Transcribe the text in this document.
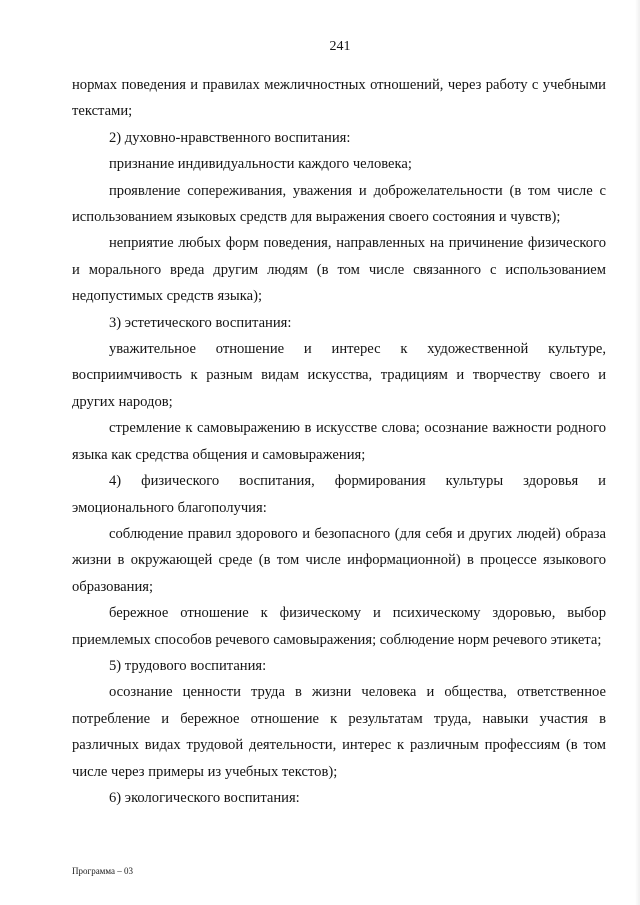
241

нормах поведения и правилах межличностных отношений, через работу с учебными текстами;

2) духовно-нравственного воспитания:

признание индивидуальности каждого человека;

проявление сопереживания, уважения и доброжелательности (в том числе с использованием языковых средств для выражения своего состояния и чувств);

неприятие любых форм поведения, направленных на причинение физического и морального вреда другим людям (в том числе связанного с использованием недопустимых средств языка);

3) эстетического воспитания:

уважительное отношение и интерес к художественной культуре, восприимчивость к разным видам искусства, традициям и творчеству своего и других народов;

стремление к самовыражению в искусстве слова; осознание важности родного языка как средства общения и самовыражения;

4) физического воспитания, формирования культуры здоровья и эмоционального благополучия:

соблюдение правил здорового и безопасного (для себя и других людей) образа жизни в окружающей среде (в том числе информационной) в процессе языкового образования;

бережное отношение к физическому и психическому здоровью, выбор приемлемых способов речевого самовыражения; соблюдение норм речевого этикета;

5) трудового воспитания:

осознание ценности труда в жизни человека и общества, ответственное потребление и бережное отношение к результатам труда, навыки участия в различных видах трудовой деятельности, интерес к различным профессиям (в том числе через примеры из учебных текстов);

6) экологического воспитания:

Программа – 03
